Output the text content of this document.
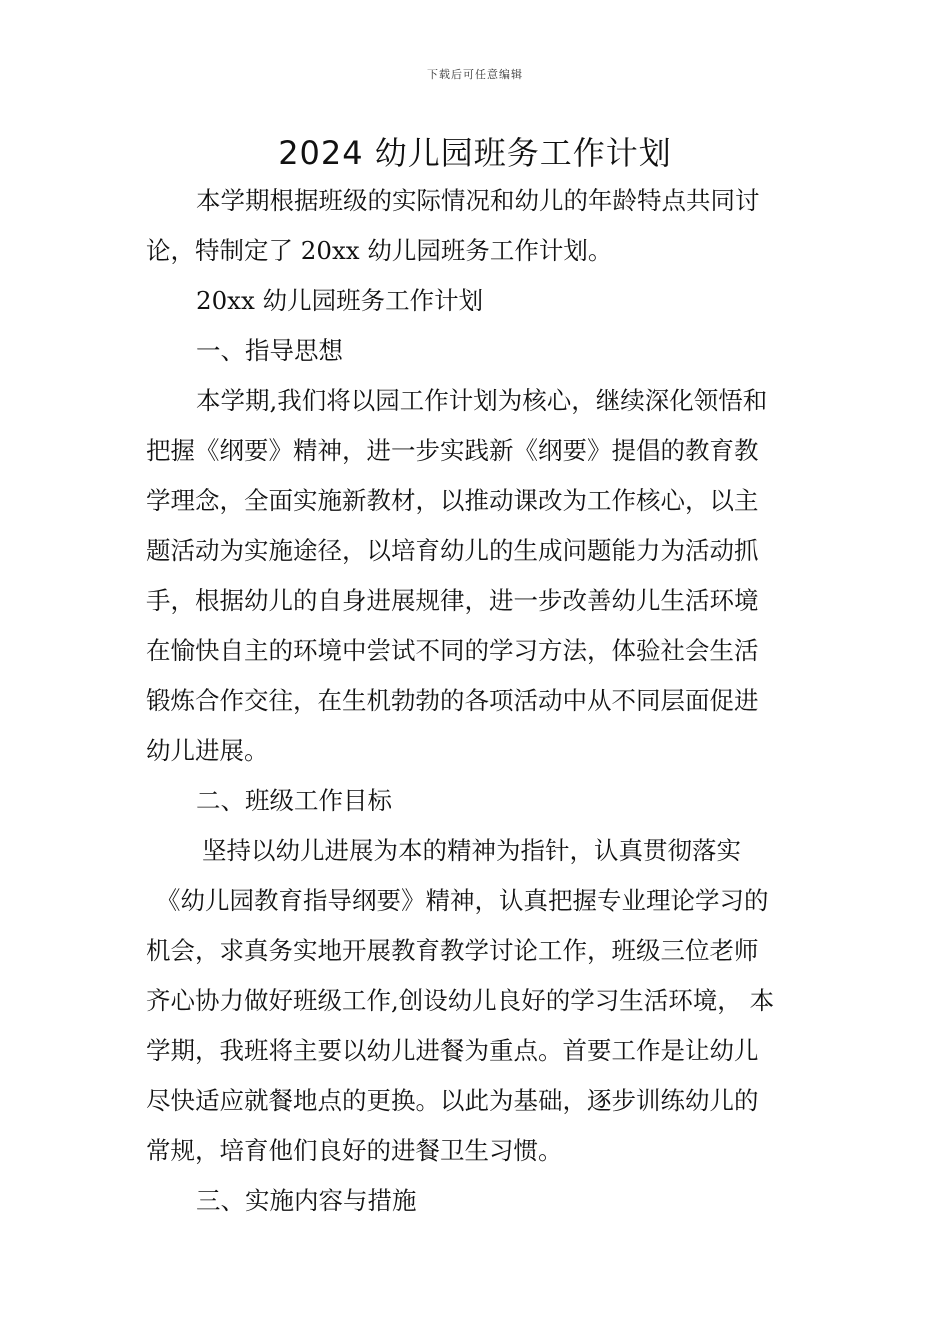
下载后可任意编辑
2024 幼儿园班务工作计划
本学期根据班级的实际情况和幼儿的年龄特点共同讨
论，特制定了 20xx 幼儿园班务工作计划。
20xx 幼儿园班务工作计划
一、指导思想
本学期,我们将以园工作计划为核心，继续深化领悟和
把握《纲要》精神，进一步实践新《纲要》提倡的教育教
学理念，全面实施新教材，以推动课改为工作核心，以主
题活动为实施途径，以培育幼儿的生成问题能力为活动抓
手，根据幼儿的自身进展规律，进一步改善幼儿生活环境
在愉快自主的环境中尝试不同的学习方法，体验社会生活
锻炼合作交往，在生机勃勃的各项活动中从不同层面促进
幼儿进展。
二、班级工作目标
坚持以幼儿进展为本的精神为指针，认真贯彻落实
《幼儿园教育指导纲要》精神，认真把握专业理论学习的
机会，求真务实地开展教育教学讨论工作，班级三位老师
齐心协力做好班级工作,创设幼儿良好的学习生活环境， 本
学期，我班将主要以幼儿进餐为重点。首要工作是让幼儿
尽快适应就餐地点的更换。以此为基础，逐步训练幼儿的
常规，培育他们良好的进餐卫生习惯。
三、实施内容与措施
